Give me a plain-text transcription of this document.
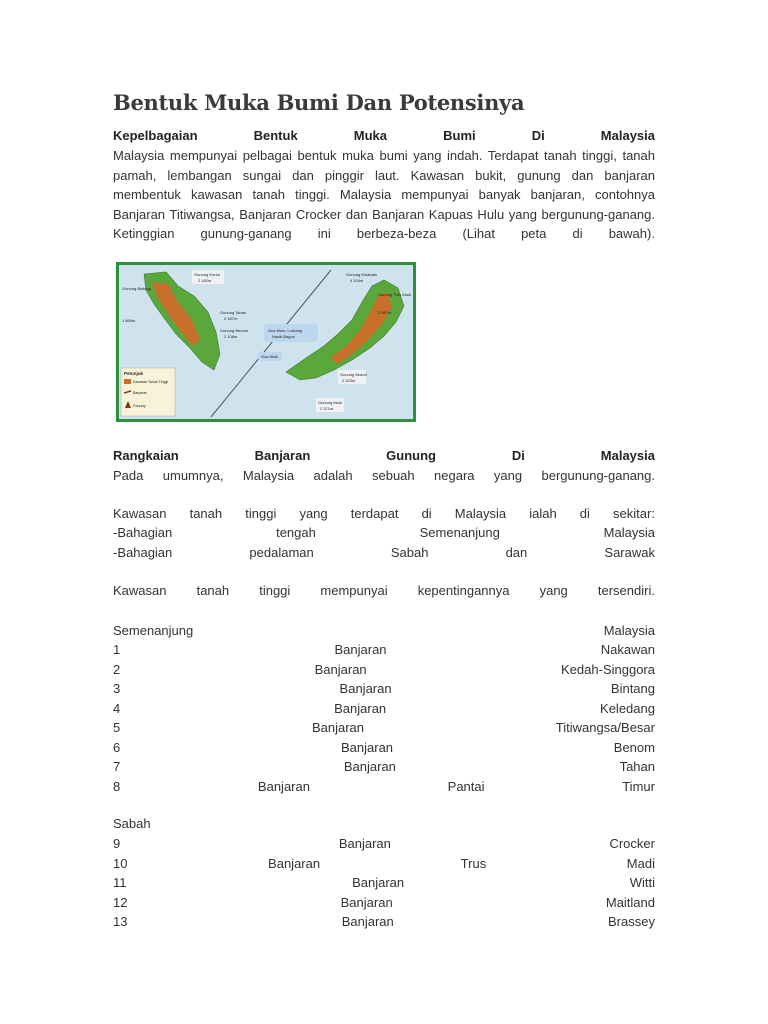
Bentuk Muka Bumi Dan Potensinya
Kepelbagaian	Bentuk	Muka	Bumi	Di	Malaysia
Malaysia mempunyai pelbagai bentuk muka bumi yang indah. Terdapat tanah tinggi, tanah
pamah, lembangan sungai dan pinggir laut. Kawasan bukit, gunung dan banjaran
membentuk kawasan tanah tinggi. Malaysia mempunyai banyak banjaran, contohnya
Banjaran Titiwangsa, Banjaran Crocker dan Banjaran Kapuas Hulu yang bergunung-ganang.
Ketinggian gunung-ganang ini berbeza-beza (Lihat peta di bawah).
Gunung Korbu
2 182m
Gunung Bintang
1 860m
Gunung Tahan
2 187m
Gunung Benom
2 108m
Gua Mulu / Lubang
Nasib Bagus
Gua Niah
Gunung Kinabalu
4 104m
Gunung Trus Madi
2 597m
Gunung Murud
2 423m
Gunung Mulu
2 371m
Petunjuk
Kawasan Tanah Tinggi
Banjaran
Gunung
Rangkaian	Banjaran	Gunung	Di	Malaysia
Pada umumnya, Malaysia adalah sebuah negara yang bergunung-ganang.
Kawasan tanah tinggi yang terdapat di Malaysia ialah di sekitar:
-Bahagian	tengah	Semenanjung	Malaysia
-Bahagian	pedalaman	Sabah	dan	Sarawak
Kawasan tanah tinggi mempunyai kepentingannya yang tersendiri.
Semenanjung	Malaysia
1	Banjaran	Nakawan
2	Banjaran	Kedah-Singgora
3	Banjaran	Bintang
4	Banjaran	Keledang
5	Banjaran	Titiwangsa/Besar
6	Banjaran	Benom
7	Banjaran	Tahan
8	Banjaran	Pantai	Timur
Sabah
9	Banjaran	Crocker
10	Banjaran	Trus	Madi
11	Banjaran	Witti
12	Banjaran	Maitland
13	Banjaran	Brassey
